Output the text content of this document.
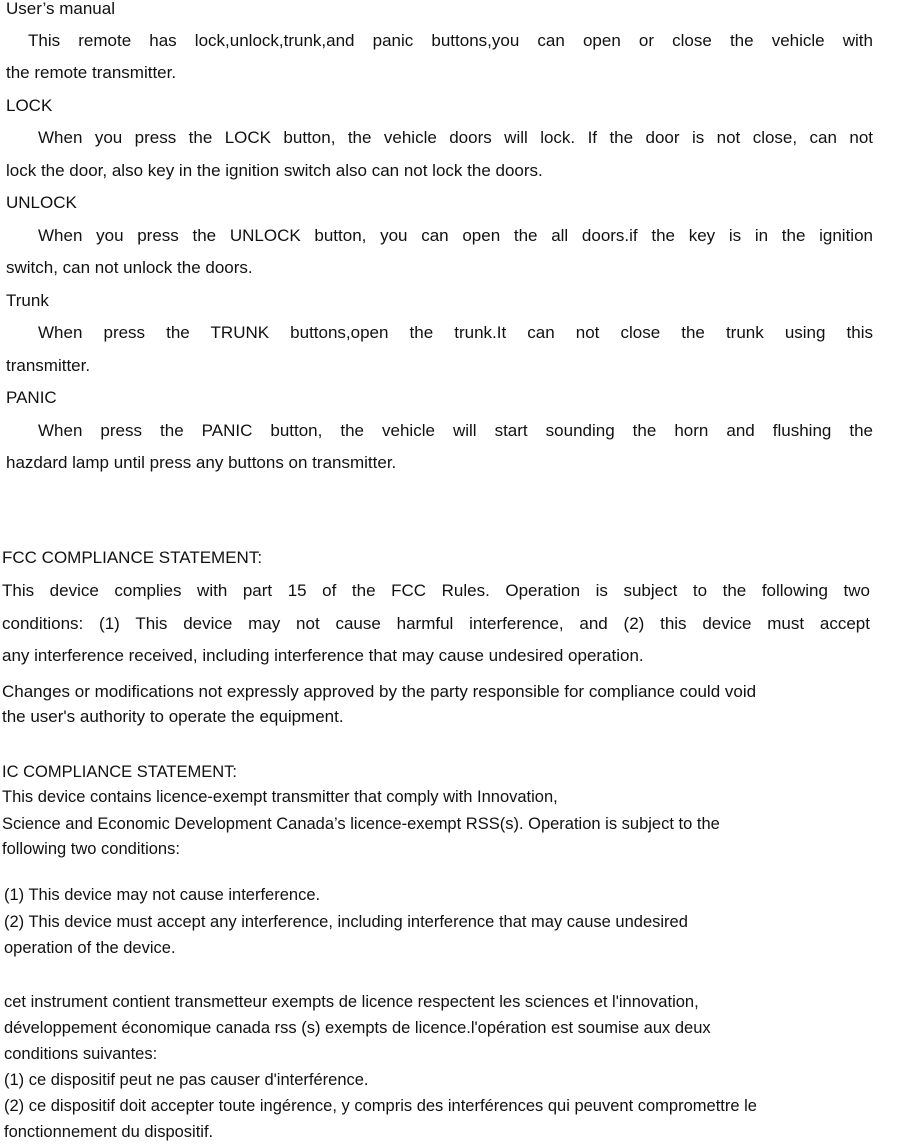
User’s manual

This remote has lock,unlock,trunk,and panic buttons,you can open or close the vehicle with

the remote transmitter.

LOCK

When you press the LOCK button, the vehicle doors will lock. If the door is not close, can not

lock the door, also key in the ignition switch also can not lock the doors.

UNLOCK

When you press the UNLOCK button, you can open the all doors.if the key is in the ignition

switch, can not unlock the doors.

Trunk

When press the TRUNK buttons,open the trunk.It can not close the trunk using this

transmitter.

PANIC

When press the PANIC button, the vehicle will start sounding the horn and flushing the

hazdard lamp until press any buttons on transmitter.

FCC COMPLIANCE STATEMENT:

This device complies with part 15 of the FCC Rules. Operation is subject to the following two

conditions: (1) This device may not cause harmful interference, and (2) this device must accept

any interference received, including interference that may cause undesired operation.

Changes or modifications not expressly approved by the party responsible for compliance could void

the user's authority to operate the equipment.

IC COMPLIANCE STATEMENT:

This device contains licence-exempt transmitter that comply with Innovation,

Science and Economic Development Canada’s licence-exempt RSS(s). Operation is subject to the

following two conditions:

(1) This device may not cause interference.

(2) This device must accept any interference, including interference that may cause undesired

operation of the device.

cet instrument contient transmetteur exempts de licence respectent les sciences et l'innovation,

développement économique canada rss (s) exempts de licence.l'opération est soumise aux deux

conditions suivantes:

(1) ce dispositif peut ne pas causer d'interférence.

(2) ce dispositif doit accepter toute ingérence, y compris des interférences qui peuvent compromettre le

fonctionnement du dispositif.
